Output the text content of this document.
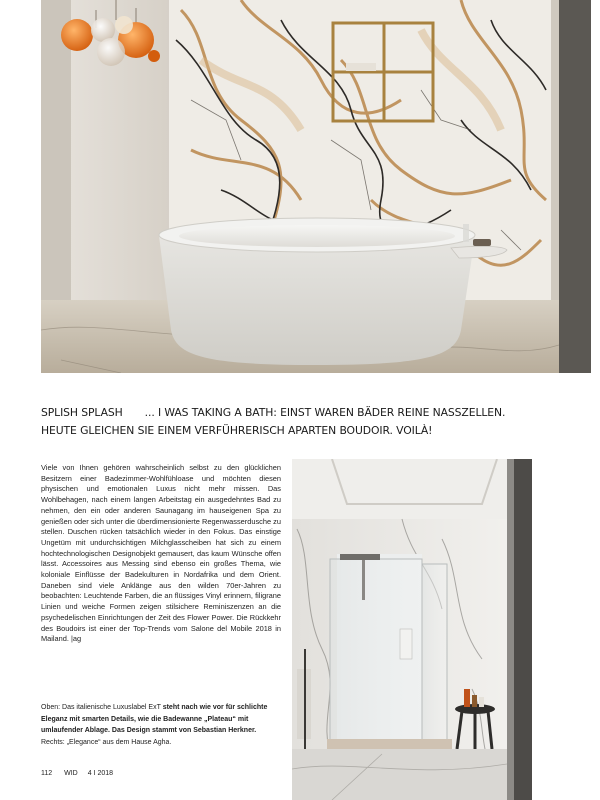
SPLISH SPLASH ... I WAS TAKING A BATH: EINST WAREN BÄDER REINE NASSZELLEN.
HEUTE GLEICHEN SIE EINEM VERFÜHRERISCH APARTEN BOUDOIR. VOILÀ!

Viele von Ihnen gehören wahrscheinlich selbst zu den glücklichen Besitzern einer Badezimmer-Wohlfühloase und möchten diesen physischen und emotionalen Luxus nicht mehr missen. Das Wohlbehagen, nach einem langen Arbeitstag ein ausgedehntes Bad zu nehmen, den ein oder anderen Saunagang im hauseigenen Spa zu genießen oder sich unter die überdimensionierte Regenwasserdusche zu stellen. Duschen rücken tatsächlich wieder in den Fokus. Das einstige Ungetüm mit undurchsichtigen Milchglasscheiben hat sich zu einem hochtechnologischen Designobjekt gemausert, das kaum Wünsche offen lässt. Accessoires aus Messing sind ebenso ein großes Thema, wie koloniale Einflüsse der Badekulturen in Nordafrika und dem Orient. Daneben sind viele Anklänge aus den wilden 70er-Jahren zu beobachten: Leuchtende Farben, die an flüssiges Vinyl erinnern, filigrane Linien und weiche Formen zeigen stilsichere Reminiszenzen an die psychedelischen Einrichtungen der Zeit des Flower Power. Die Rückkehr des Boudoirs ist einer der Top-Trends vom Salone del Mobile 2018 in Mailand. |ag

Oben: Das italienische Luxuslabel ExT steht nach wie vor für schlichte Eleganz mit smarten Details, wie die Badewanne „Plateau“ mit umlaufender Ablage. Das Design stammt von Sebastian Herkner. Rechts: „Elegance“ aus dem Hause Agha.
112 WID 4 I 2018
